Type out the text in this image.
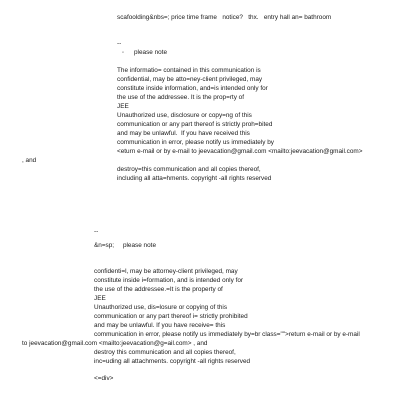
scafoolding&nbs=; price time frame   notice?   thx.   entry hall an= bathroom
--
◦ please note
The informatio= contained in this communication is
confidential, may be atto=ney-client privileged, may
constitute inside information, and=is intended only for
the use of the addressee. It is the prop=rty of
JEE
Unauthorized use, disclosure or copy=ng of this
communication or any part thereof is strictly proh=bited
and may be unlawful.  If you have received this
communication in error, please notify us immediately by
<eturn e-mail or by e-mail to jeevacation@gmail.com <mailto:jeevacation@gmail.com>
, and
destroy=this communication and all copies thereof,
including all atta=hments. copyright -all rights reserved
--
&n=sp;     please note
confidenti=l, may be attorney-client privileged, may
constitute inside i=formation, and is intended only for
the use of the addressee.=It is the property of
JEE
Unauthorized use, dis=losure or copying of this
communication or any part thereof i= strictly prohibited
and may be unlawful. If you have receive= this
communication in error, please notify us immediately by=br class="">return e-mail or by e-mail
to jeevacation@gmail.com <mailto:jeevacation@g=ail.com> , and
destroy this communication and all copies thereof,
inc=uding all attachments. copyright -all rights reserved
<=div>
